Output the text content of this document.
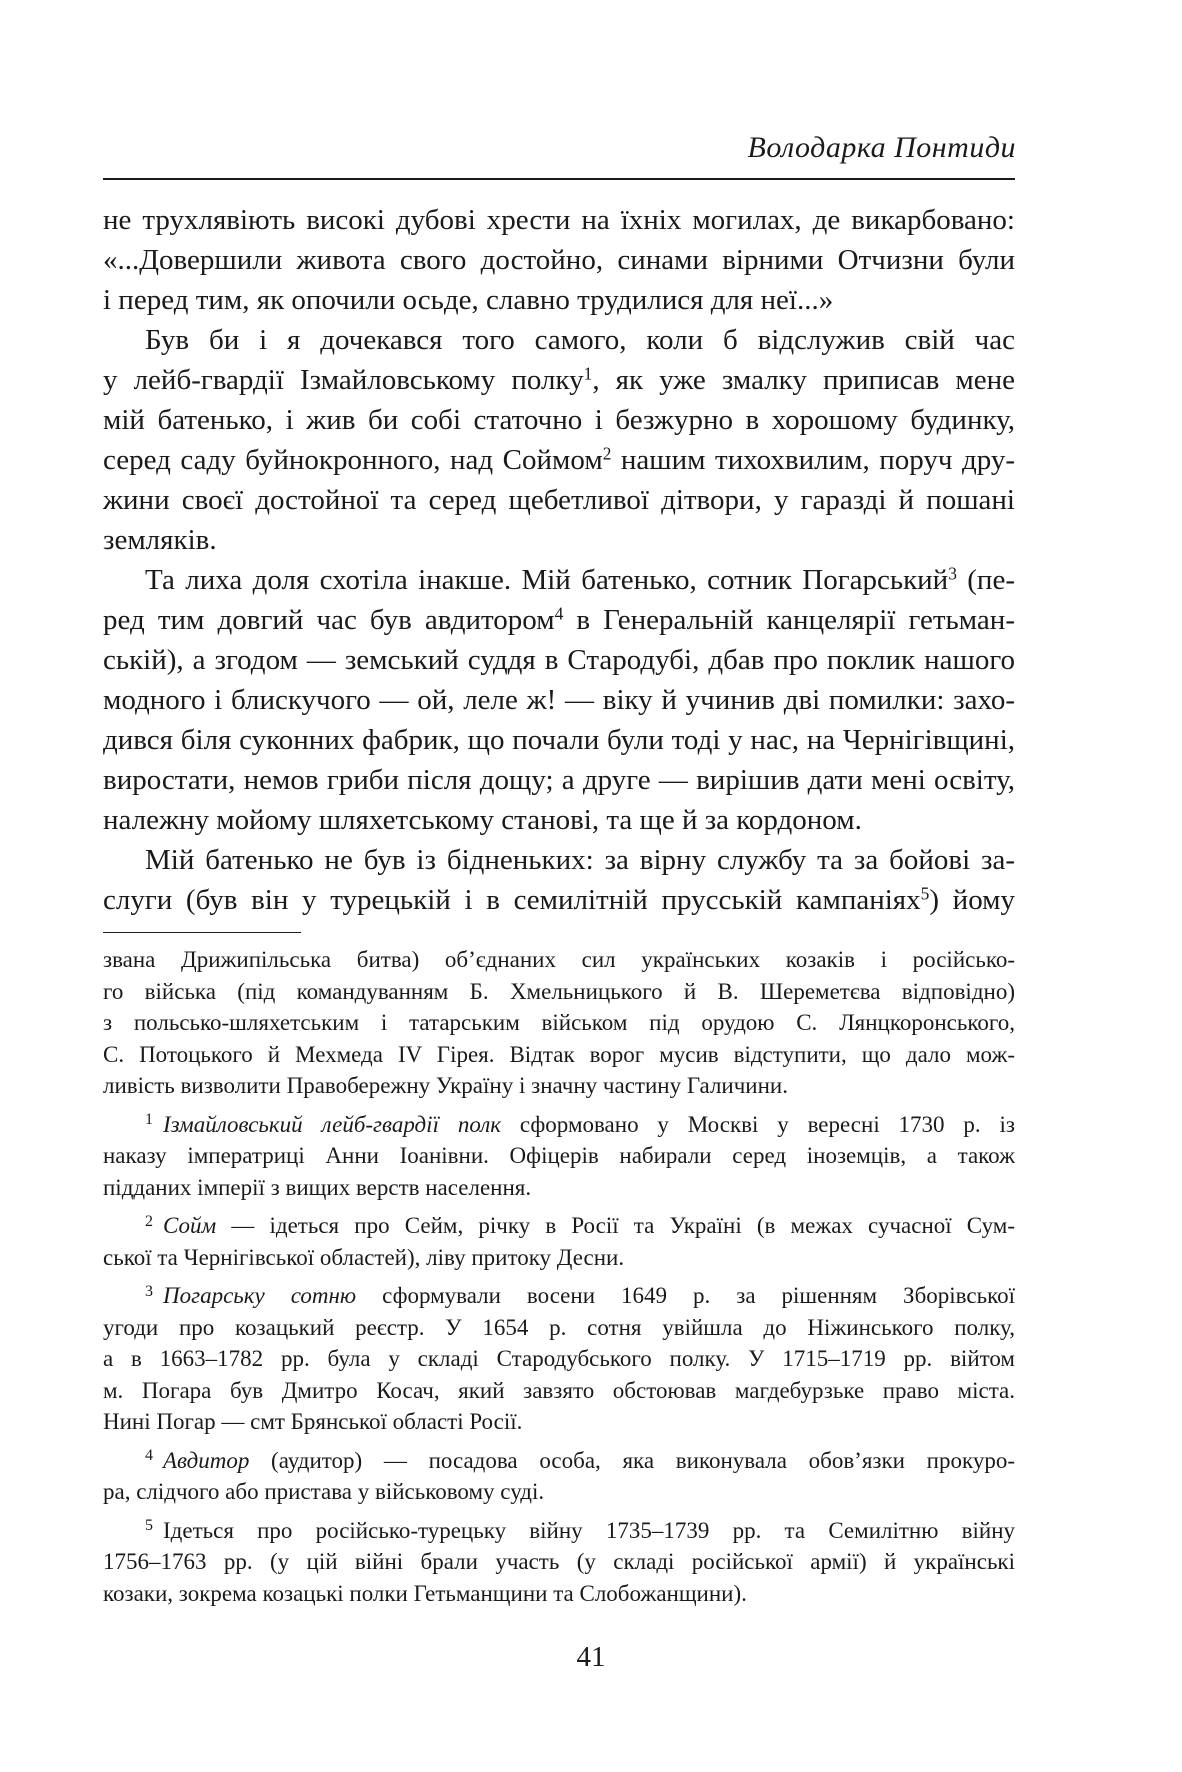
Володарка Понтиди
не трухлявіють високі дубові хрести на їхніх могилах, де викарбовано:
«...Довершили живота свого достойно, синами вірними Отчизни були
і перед тим, як опочили осьде, славно трудилися для неї...»
Був би і я дочекався того самого, коли б відслужив свій час
у лейб-гвардії Ізмайловському полку$^1$, як уже змалку приписав мене
мій батенько, і жив би собі статочно і безжурно в хорошому будинку,
серед саду буйнокронного, над Соймом$^2$ нашим тихохвилим, поруч дру-
жини своєї достойної та серед щебетливої дітвори, у гаразді й пошані
земляків.
Та лиха доля схотіла інакше. Мій батенько, сотник Погарський$^3$ (пе-
ред тим довгий час був авдитором$^4$ в Генеральній канцелярії гетьман-
ській), а згодом — земський суддя в Стародубі, дбав про поклик нашого
модного і блискучого — ой, леле ж! — віку й учинив дві помилки: захо-
дився біля суконних фабрик, що почали були тоді у нас, на Чернігівщині,
виростати, немов гриби після дощу; а друге — вирішив дати мені освіту,
належну мойому шляхетському станові, та ще й за кордоном.
Мій батенько не був із бідненьких: за вірну службу та за бойові за-
слуги (був він у турецькій і в семилітній прусській кампаніях$^5$) йому
звана Дрижипільська битва) об’єднаних сил українських козаків і російсько-
го війська (під командуванням Б. Хмельницького й В. Шереметєва відповідно)
з польсько-шляхетським і татарським військом під орудою С. Лянцкоронського,
С. Потоцького й Мехмеда IV Гірея. Відтак ворог мусив відступити, що дало мож-
ливість визволити Правобережну Україну і значну частину Галичини.
$^1$ Ізмайловський лейб-гвардії полк сформовано у Москві у вересні 1730 р. із
наказу імператриці Анни Іоанівни. Офіцерів набирали серед іноземців, а також
підданих імперії з вищих верств населення.
$^2$ Сойм — ідеться про Сейм, річку в Росії та Україні (в межах сучасної Сум-
ської та Чернігівської областей), ліву притоку Десни.
$^3$ Погарську сотню сформували восени 1649 р. за рішенням Зборівської
угоди про козацький реєстр. У 1654 р. сотня увійшла до Ніжинського полку,
а в 1663–1782 рр. була у складі Стародубського полку. У 1715–1719 рр. війтом
м. Погара був Дмитро Косач, який завзято обстоював магдебурзьке право міста.
Нині Погар — смт Брянської області Росії.
$^4$ Авдитор (аудитор) — посадова особа, яка виконувала обов’язки прокуро-
ра, слідчого або пристава у військовому суді.
$^5$ Ідеться про російсько-турецьку війну 1735–1739 рр. та Семилітню війну
1756–1763 рр. (у цій війні брали участь (у складі російської армії) й українські
козаки, зокрема козацькі полки Гетьманщини та Слобожанщини).
41
